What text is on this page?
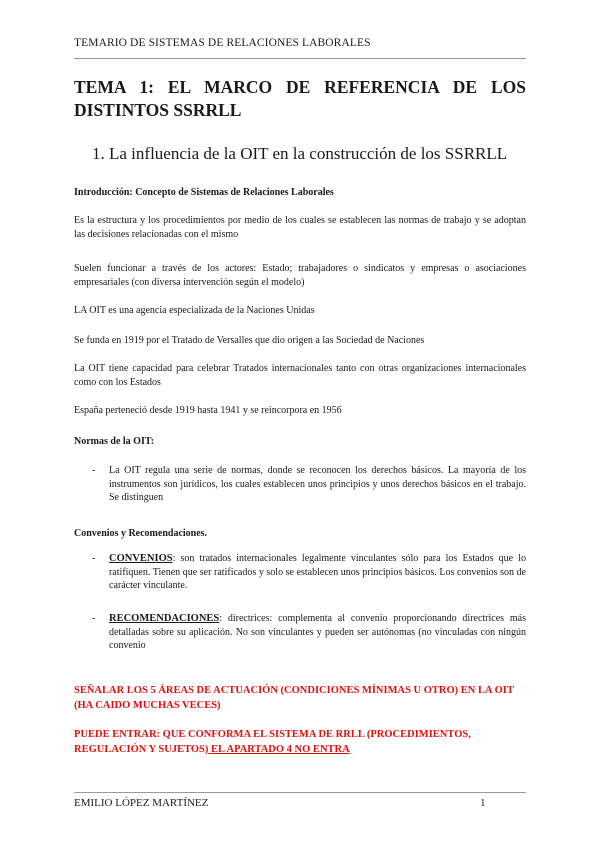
TEMARIO DE SISTEMAS DE RELACIONES LABORALES
TEMA 1: EL MARCO DE REFERENCIA DE LOS DISTINTOS SSRRLL
1. La influencia de la OIT en la construcción de los SSRRLL
Introducción: Concepto de Sistemas de Relaciones Laborales
Es la estructura y los procedimientos por medio de los cuales se establecen las normas de trabajo y se adoptan las decisiones relacionadas con el mismo
Suelen funcionar a través de los actores: Estado; trabajadores o sindicatos y empresas o asociaciones empresariales (con diversa intervención según el modelo)
LA OIT es una agencia especializada de la Naciones Unidas
Se funda en 1919 por el Tratado de Versalles que dio origen a las Sociedad de Naciones
La OIT tiene capacidad para celebrar Tratados internacionales tanto con otras organizaciones internacionales como con los Estados
España perteneció desde 1919 hasta 1941 y se reincorpora en 1956
Normas de la OIT:
- La OIT regula una serie de normas, donde se reconocen los derechos básicos. La mayoría de los instrumentos son jurídicos, los cuales establecen unos principios y unos derechos básicos en el trabajo. Se distinguen
Convenios y Recomendaciones.
- CONVENIOS: son tratados internacionales legalmente vinculantes sólo para los Estados que lo ratifiquen. Tienen que ser ratificados y solo se establecen unos principios básicos. Los convenios son de carácter vinculante.
- RECOMENDACIONES: directrices: complementa al convenio proporcionando directrices más detalladas sobre su aplicación. No son vinculantes y pueden ser autónomas (no vinculadas con ningún convenio
SEÑALAR LOS 5 ÁREAS DE ACTUACIÓN (CONDICIONES MÍNIMAS U OTRO) EN LA OIT (HA CAIDO MUCHAS VECES)
PUEDE ENTRAR: QUE CONFORMA EL SISTEMA DE RRLL (PROCEDIMIENTOS, REGULACIÓN Y SUJETOS) EL APARTADO 4 NO ENTRA
EMILIO LÓPEZ MARTÍNEZ	1
